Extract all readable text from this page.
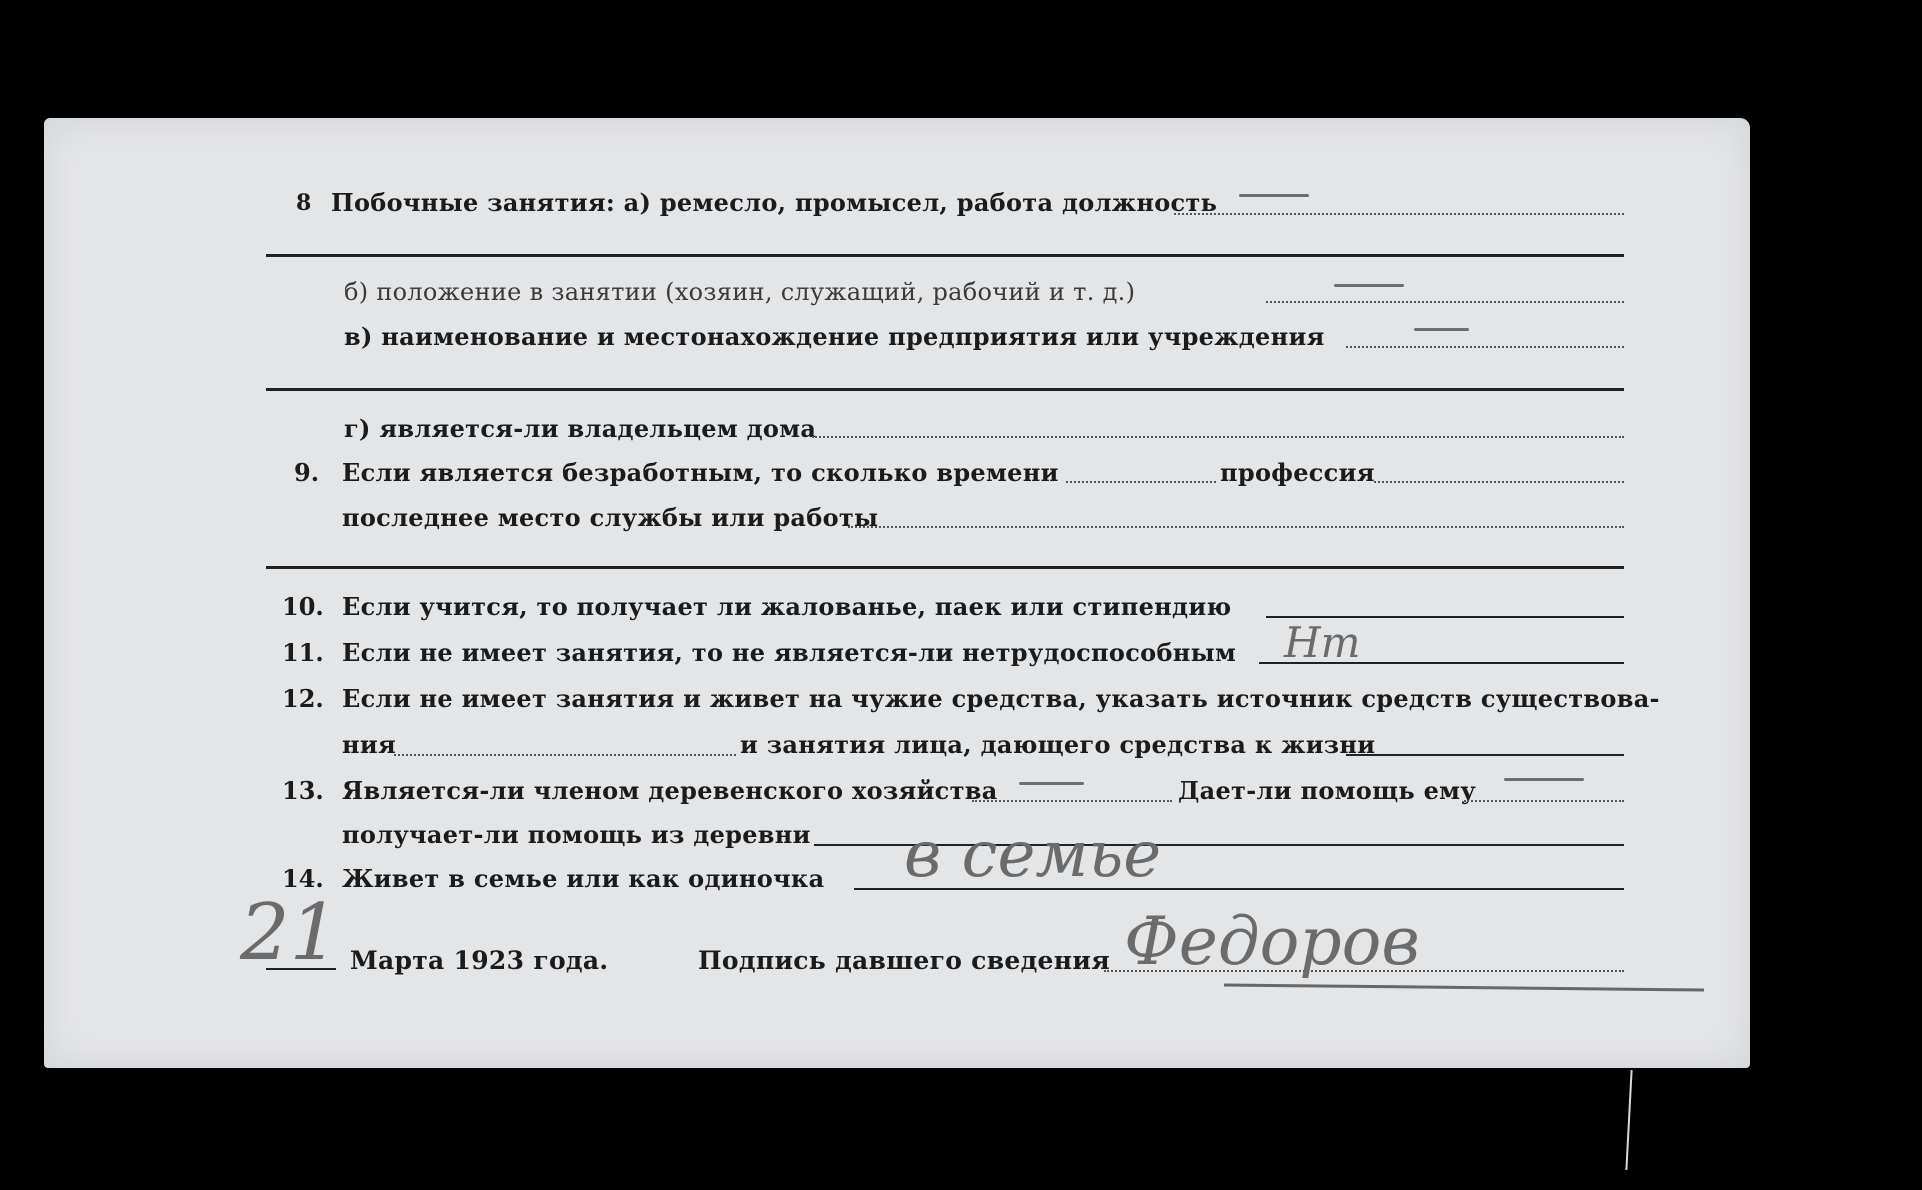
8 Побочные занятия: а) ремесло, промысел, работа должность
б) положение в занятии (хозяин, служащий, рабочий и т. д.)
в) наименование и местонахождение предприятия или учреждения
г) является-ли владельцем дома
9. Если является безработным, то сколько времени	профессия
последнее место службы или работы
10. Если учится, то получает ли жалованье, паек или стипендию
11. Если не имеет занятия, то не является-ли нетрудоспособным Нт
12. Если не имеет занятия и живет на чужие средства, указать источник средств существова-
ния	и занятия лица, дающего средства к жизни
13. Является-ли членом деревенского хозяйства	Дает-ли помощь ему
получает-ли помощь из деревни
14. Живет в семье или как одиночка в семье
21 Марта 1923 года.	Подпись давшего сведения Федоров
